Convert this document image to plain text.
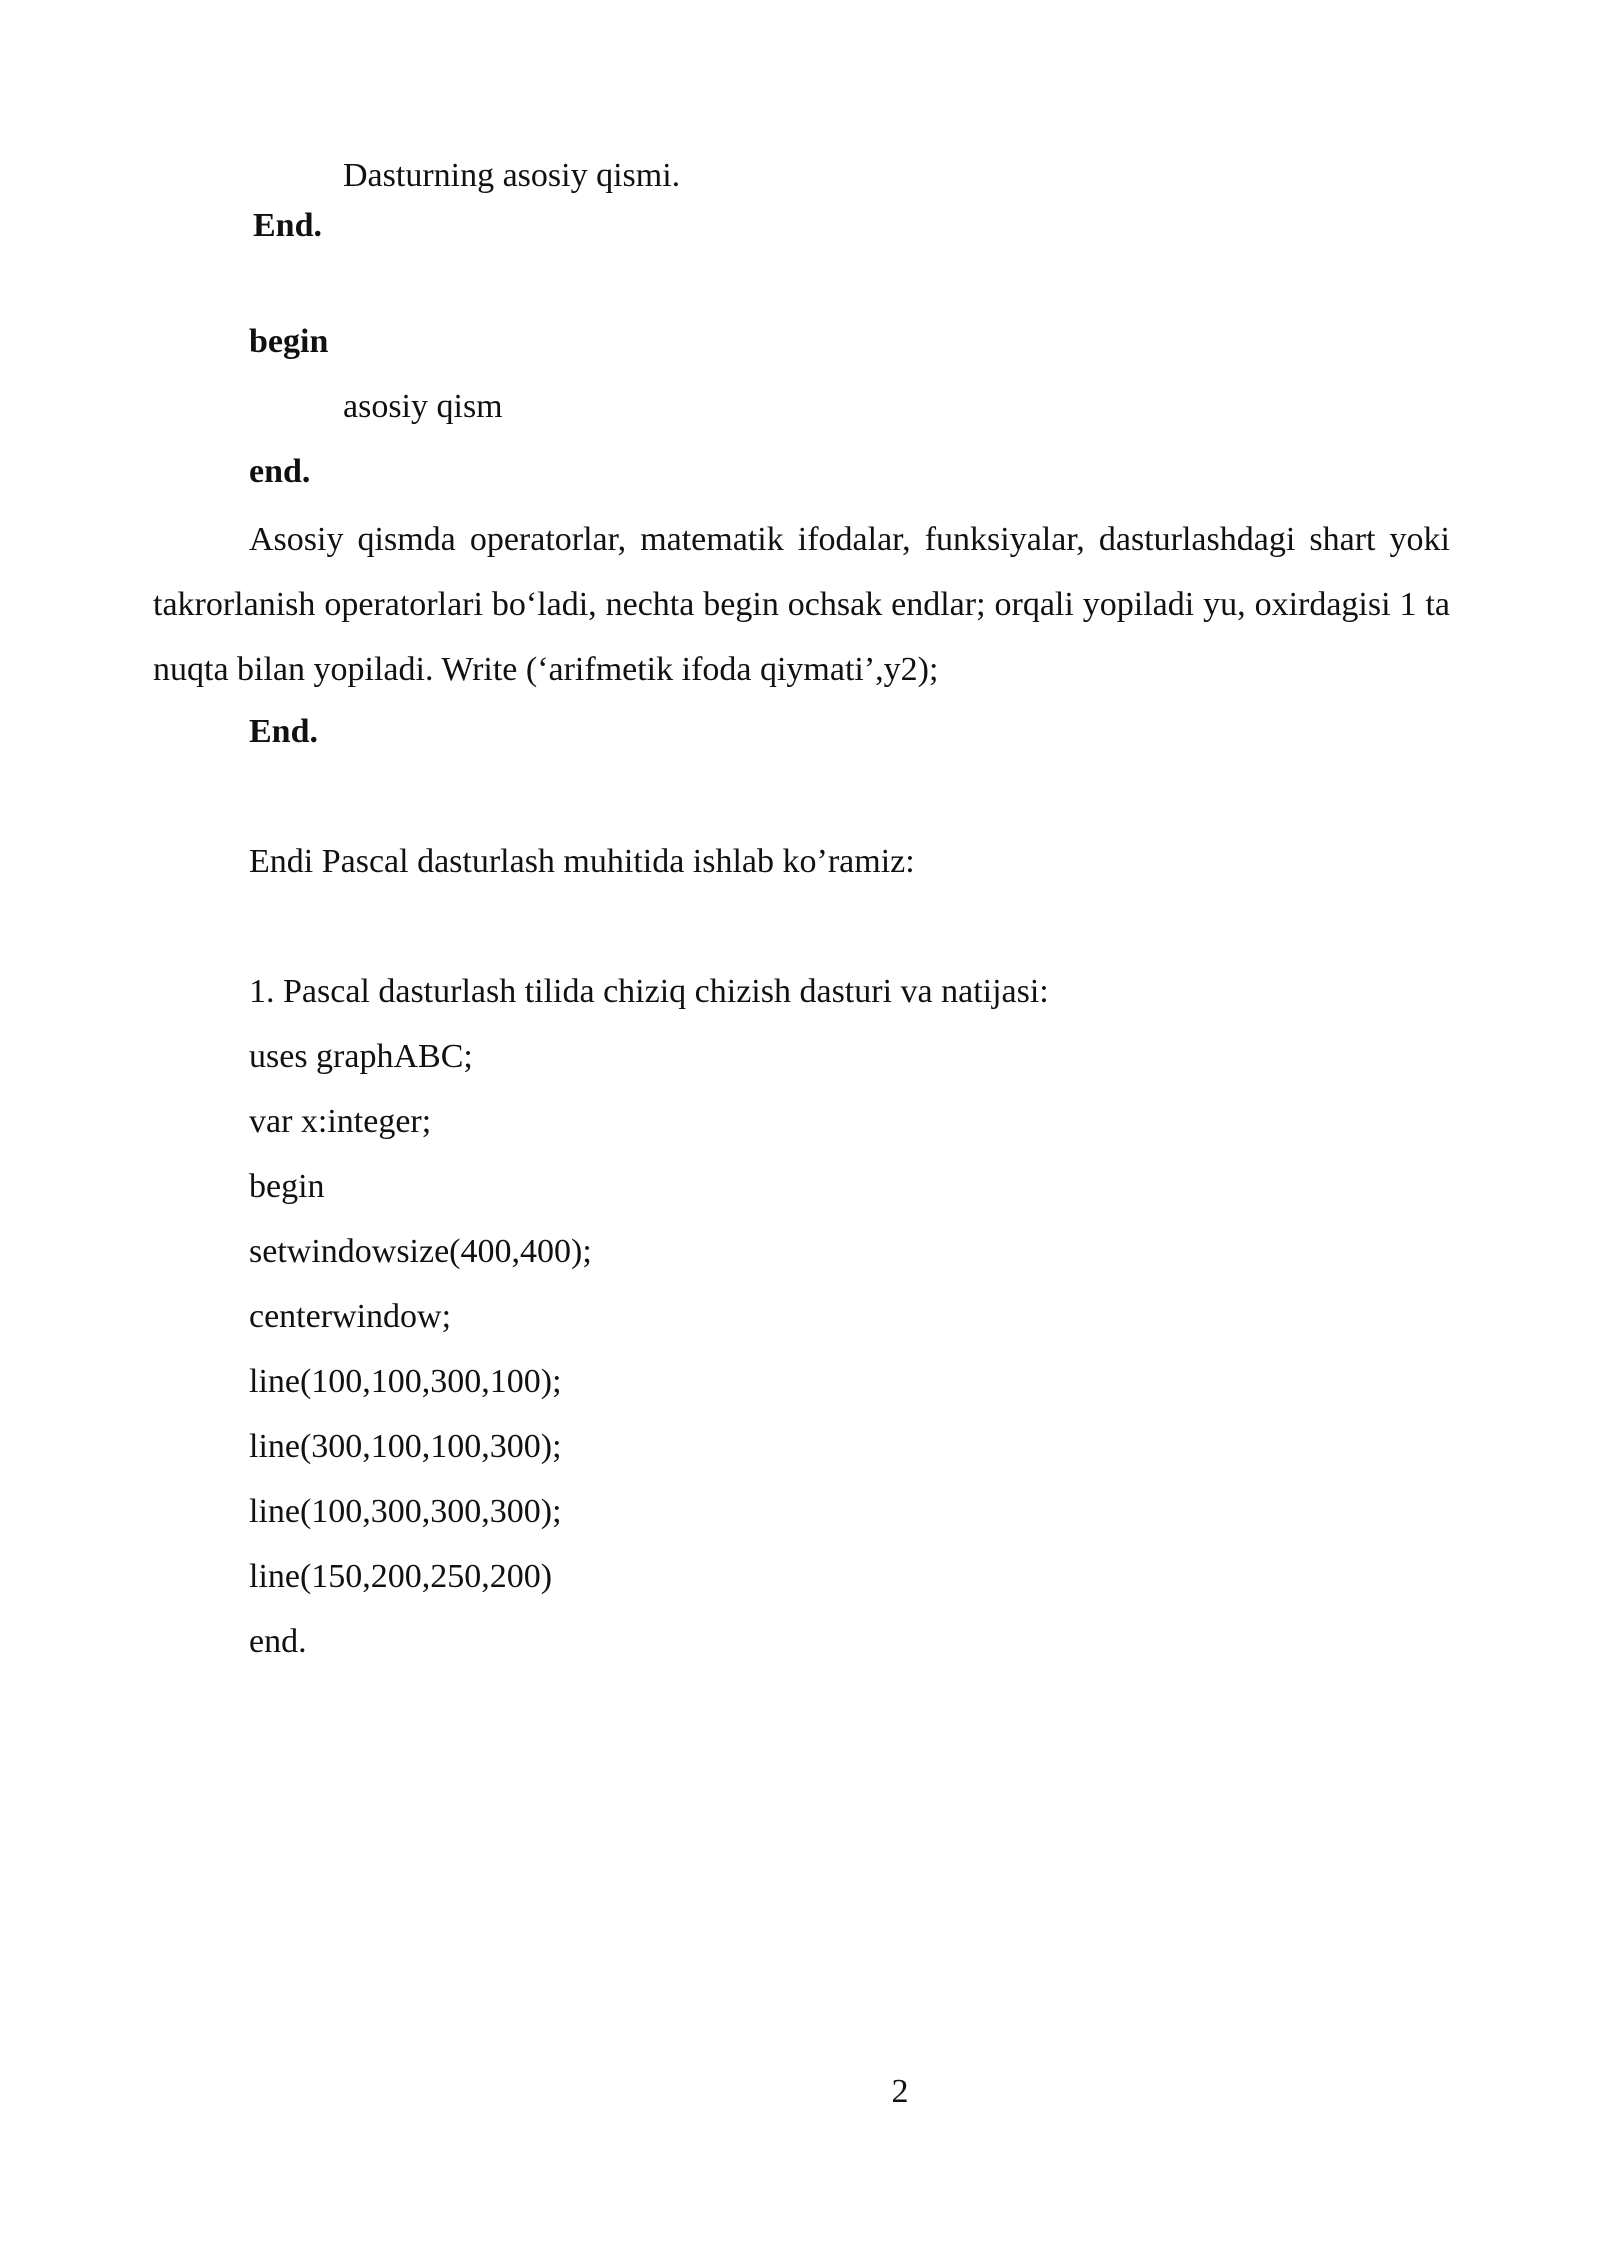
Dasturning asosiy qismi.
End.
begin
asosiy qism
end.
Asosiy qismda operatorlar, matematik ifodalar, funksiyalar, dasturlashdagi shart yoki takrorlanish operatorlari bo‘ladi, nechta begin ochsak endlar; orqali yopiladi yu, oxirdagisi 1 ta nuqta bilan yopiladi. Write (‘arifmetik ifoda qiymati’,y2);
End.
Endi Pascal dasturlash muhitida ishlab ko’ramiz:
1. Pascal dasturlash tilida chiziq chizish dasturi va natijasi:
uses graphABC;
var x:integer;
begin
setwindowsize(400,400);
centerwindow;
line(100,100,300,100);
line(300,100,100,300);
line(100,300,300,300);
line(150,200,250,200)
end.
2
